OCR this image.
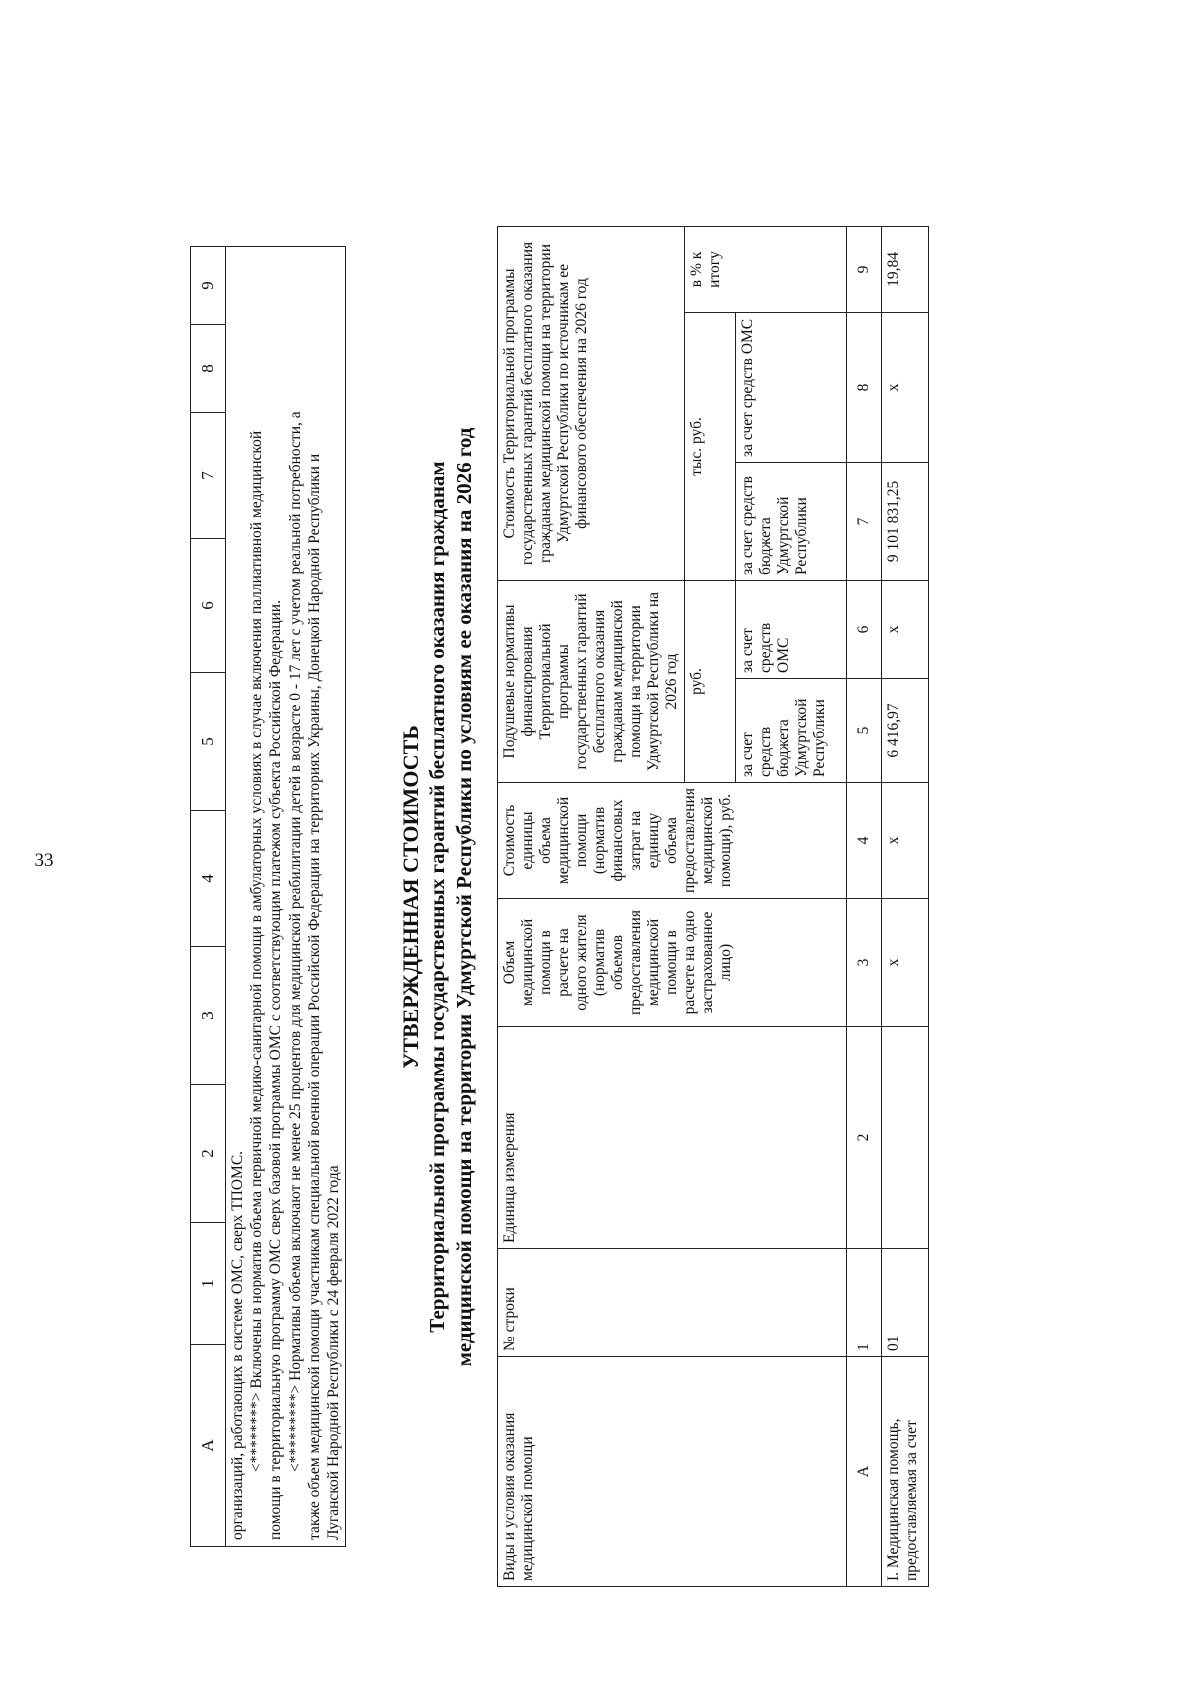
33
А	1	2	3	4	5	6	7	8	9

организаций, работающих в системе ОМС, сверх ТПОМС. <********> Включены в норматив объема первичной медико-санитарной помощи в амбулаторных условиях в случае включения паллиативной медицинской помощи в территориальную программу ОМС сверх базовой программы ОМС с соответствующим платежом субъекта Российской Федерации. <*********> Нормативы объема включают не менее 25 процентов для медицинской реабилитации детей в возрасте 0 - 17 лет с учетом реальной потребности, а также объем медицинской помощи участникам специальной военной операции Российской Федерации на территориях Украины, Донецкой Народной Республики и Луганской Народной Республики с 24 февраля 2022 года
УТВЕРЖДЕННАЯ СТОИМОСТЬ Территориальной программы государственных гарантий бесплатного оказания гражданам медицинской помощи на территории Удмуртской Республики по условиям ее оказания на 2026 год
Виды и условия оказания медицинской помощи	№ строки	Единица измерения	Объем медицинской помощи в расчете на одного жителя (норматив объемов предоставления медицинской помощи в расчете на одно застрахованное лицо)	Стоимость единицы объема медицинской помощи (норматив финансовых затрат на единицу объема предоставления медицинской помощи), руб.	Подушевые нормативы финансирования Территориальной программы государственных гарантий бесплатного оказания гражданам медицинской помощи на территории Удмуртской Республики на 2026 год		Стоимость Территориальной программы государственных гарантий бесплатного оказания гражданам медицинской помощи на территории Удмуртской Республики по источникам ее финансового обеспечения на 2026 год		
					руб.		тыс. руб.		в % к итогу
					за счет средств бюджета Удмуртской Республики	за счет средств ОМС	за счет средств бюджета Удмуртской Республики	за счет средств ОМС	
А	1	2	3	4	5	6	7	8	9
I. Медицинская помощь, предоставляемая за счет	01		х	х	6 416,97	х	9 101 831,25	х	19,84
